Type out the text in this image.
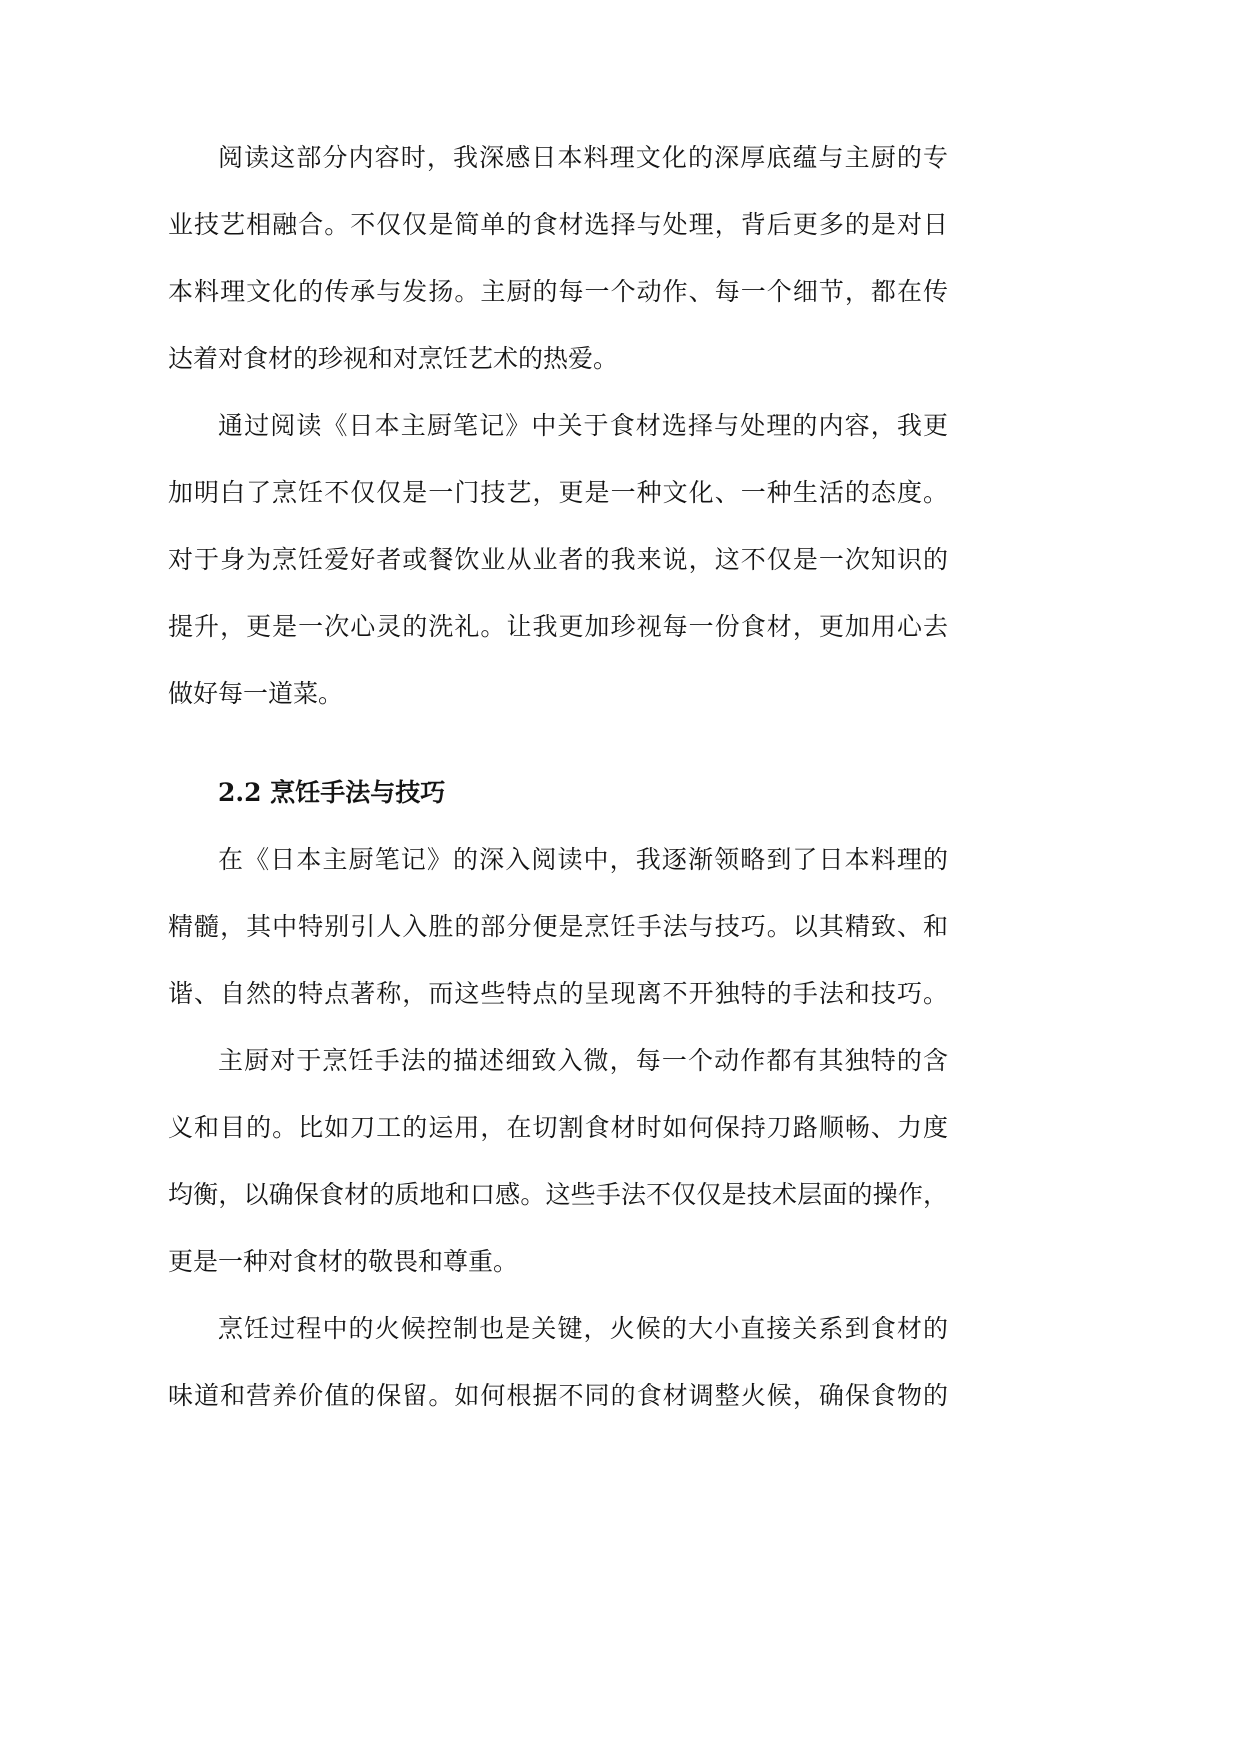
阅读这部分内容时，我深感日本料理文化的深厚底蕴与主厨的专
业技艺相融合。不仅仅是简单的食材选择与处理，背后更多的是对日
本料理文化的传承与发扬。主厨的每一个动作、每一个细节，都在传
达着对食材的珍视和对烹饪艺术的热爱。
通过阅读《日本主厨笔记》中关于食材选择与处理的内容，我更
加明白了烹饪不仅仅是一门技艺，更是一种文化、一种生活的态度。
对于身为烹饪爱好者或餐饮业从业者的我来说，这不仅是一次知识的
提升，更是一次心灵的洗礼。让我更加珍视每一份食材，更加用心去
做好每一道菜。
2.2 烹饪手法与技巧
在《日本主厨笔记》的深入阅读中，我逐渐领略到了日本料理的
精髓，其中特别引人入胜的部分便是烹饪手法与技巧。以其精致、和
谐、自然的特点著称，而这些特点的呈现离不开独特的手法和技巧。
主厨对于烹饪手法的描述细致入微，每一个动作都有其独特的含
义和目的。比如刀工的运用，在切割食材时如何保持刀路顺畅、力度
均衡，以确保食材的质地和口感。这些手法不仅仅是技术层面的操作，
更是一种对食材的敬畏和尊重。
烹饪过程中的火候控制也是关键，火候的大小直接关系到食材的
味道和营养价值的保留。如何根据不同的食材调整火候，确保食物的
